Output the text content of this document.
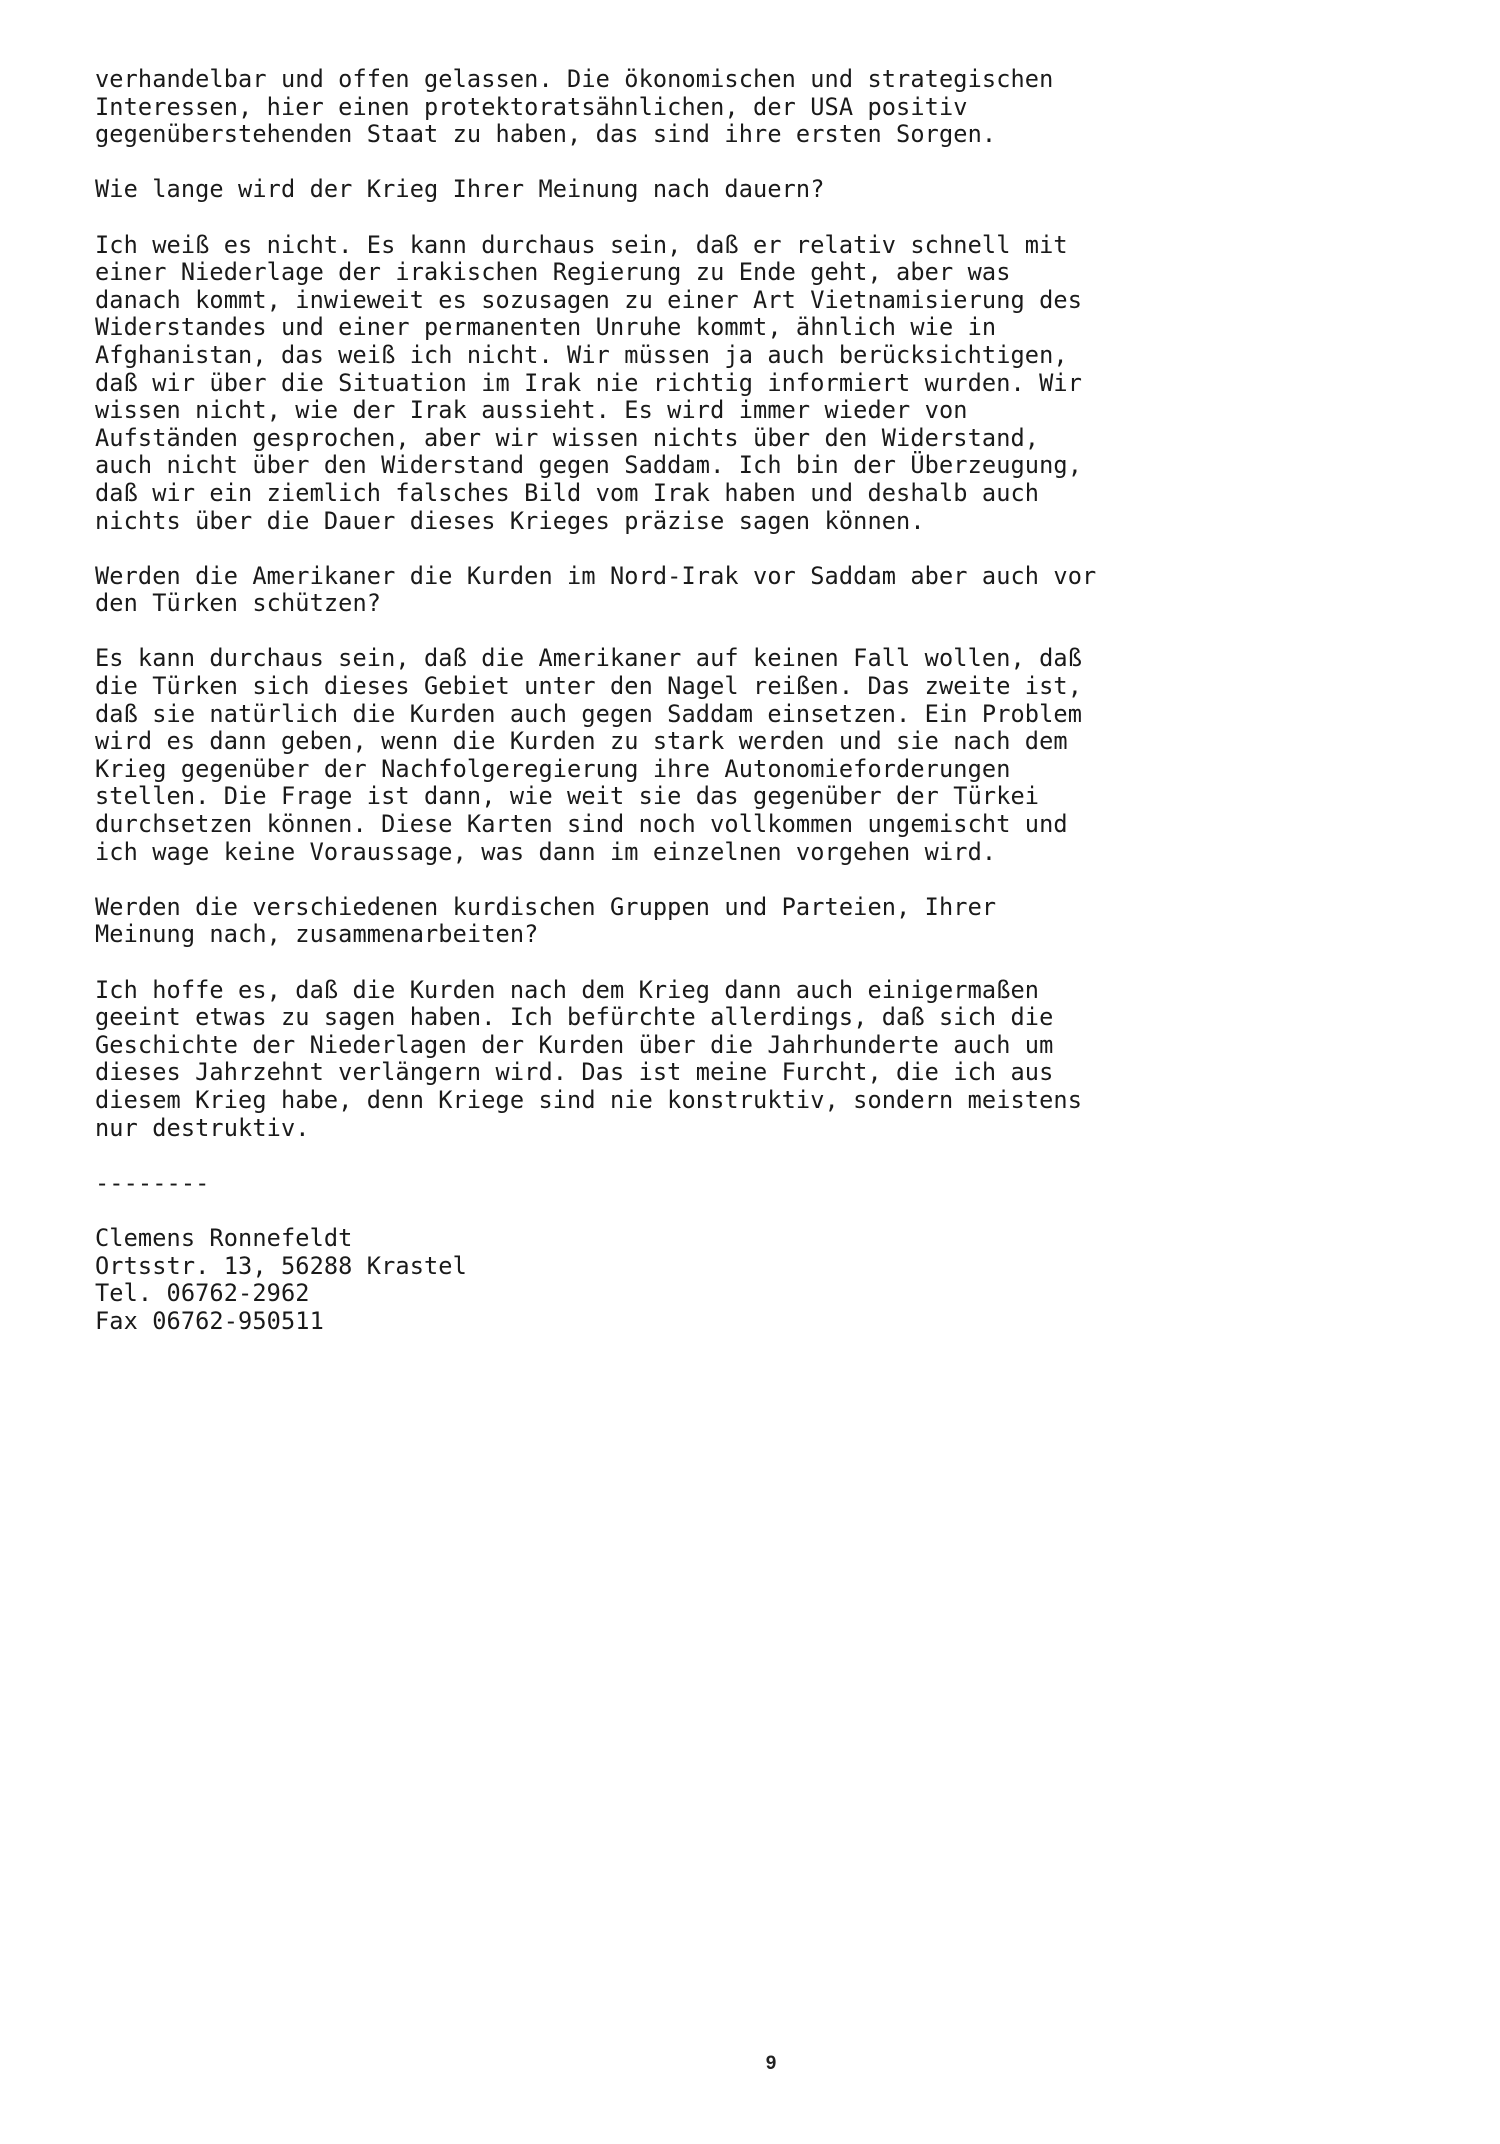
verhandelbar und offen gelassen. Die ökonomischen und strategischen
Interessen, hier einen protektoratsähnlichen, der USA positiv
gegenüberstehenden Staat zu haben, das sind ihre ersten Sorgen.

Wie lange wird der Krieg Ihrer Meinung nach dauern?

Ich weiß es nicht. Es kann durchaus sein, daß er relativ schnell mit
einer Niederlage der irakischen Regierung zu Ende geht, aber was
danach kommt, inwieweit es sozusagen zu einer Art Vietnamisierung des
Widerstandes und einer permanenten Unruhe kommt, ähnlich wie in
Afghanistan, das weiß ich nicht. Wir müssen ja auch berücksichtigen,
daß wir über die Situation im Irak nie richtig informiert wurden. Wir
wissen nicht, wie der Irak aussieht. Es wird immer wieder von
Aufständen gesprochen, aber wir wissen nichts über den Widerstand,
auch nicht über den Widerstand gegen Saddam. Ich bin der Überzeugung,
daß wir ein ziemlich falsches Bild vom Irak haben und deshalb auch
nichts über die Dauer dieses Krieges präzise sagen können.

Werden die Amerikaner die Kurden im Nord-Irak vor Saddam aber auch vor
den Türken schützen?

Es kann durchaus sein, daß die Amerikaner auf keinen Fall wollen, daß
die Türken sich dieses Gebiet unter den Nagel reißen. Das zweite ist,
daß sie natürlich die Kurden auch gegen Saddam einsetzen. Ein Problem
wird es dann geben, wenn die Kurden zu stark werden und sie nach dem
Krieg gegenüber der Nachfolgeregierung ihre Autonomieforderungen
stellen. Die Frage ist dann, wie weit sie das gegenüber der Türkei
durchsetzen können. Diese Karten sind noch vollkommen ungemischt und
ich wage keine Voraussage, was dann im einzelnen vorgehen wird.

Werden die verschiedenen kurdischen Gruppen und Parteien, Ihrer
Meinung nach, zusammenarbeiten?

Ich hoffe es, daß die Kurden nach dem Krieg dann auch einigermaßen
geeint etwas zu sagen haben. Ich befürchte allerdings, daß sich die
Geschichte der Niederlagen der Kurden über die Jahrhunderte auch um
dieses Jahrzehnt verlängern wird. Das ist meine Furcht, die ich aus
diesem Krieg habe, denn Kriege sind nie konstruktiv, sondern meistens
nur destruktiv.

--------

Clemens Ronnefeldt

Ortsstr. 13, 56288 Krastel

Tel. 06762-2962

Fax 06762-950511

9
